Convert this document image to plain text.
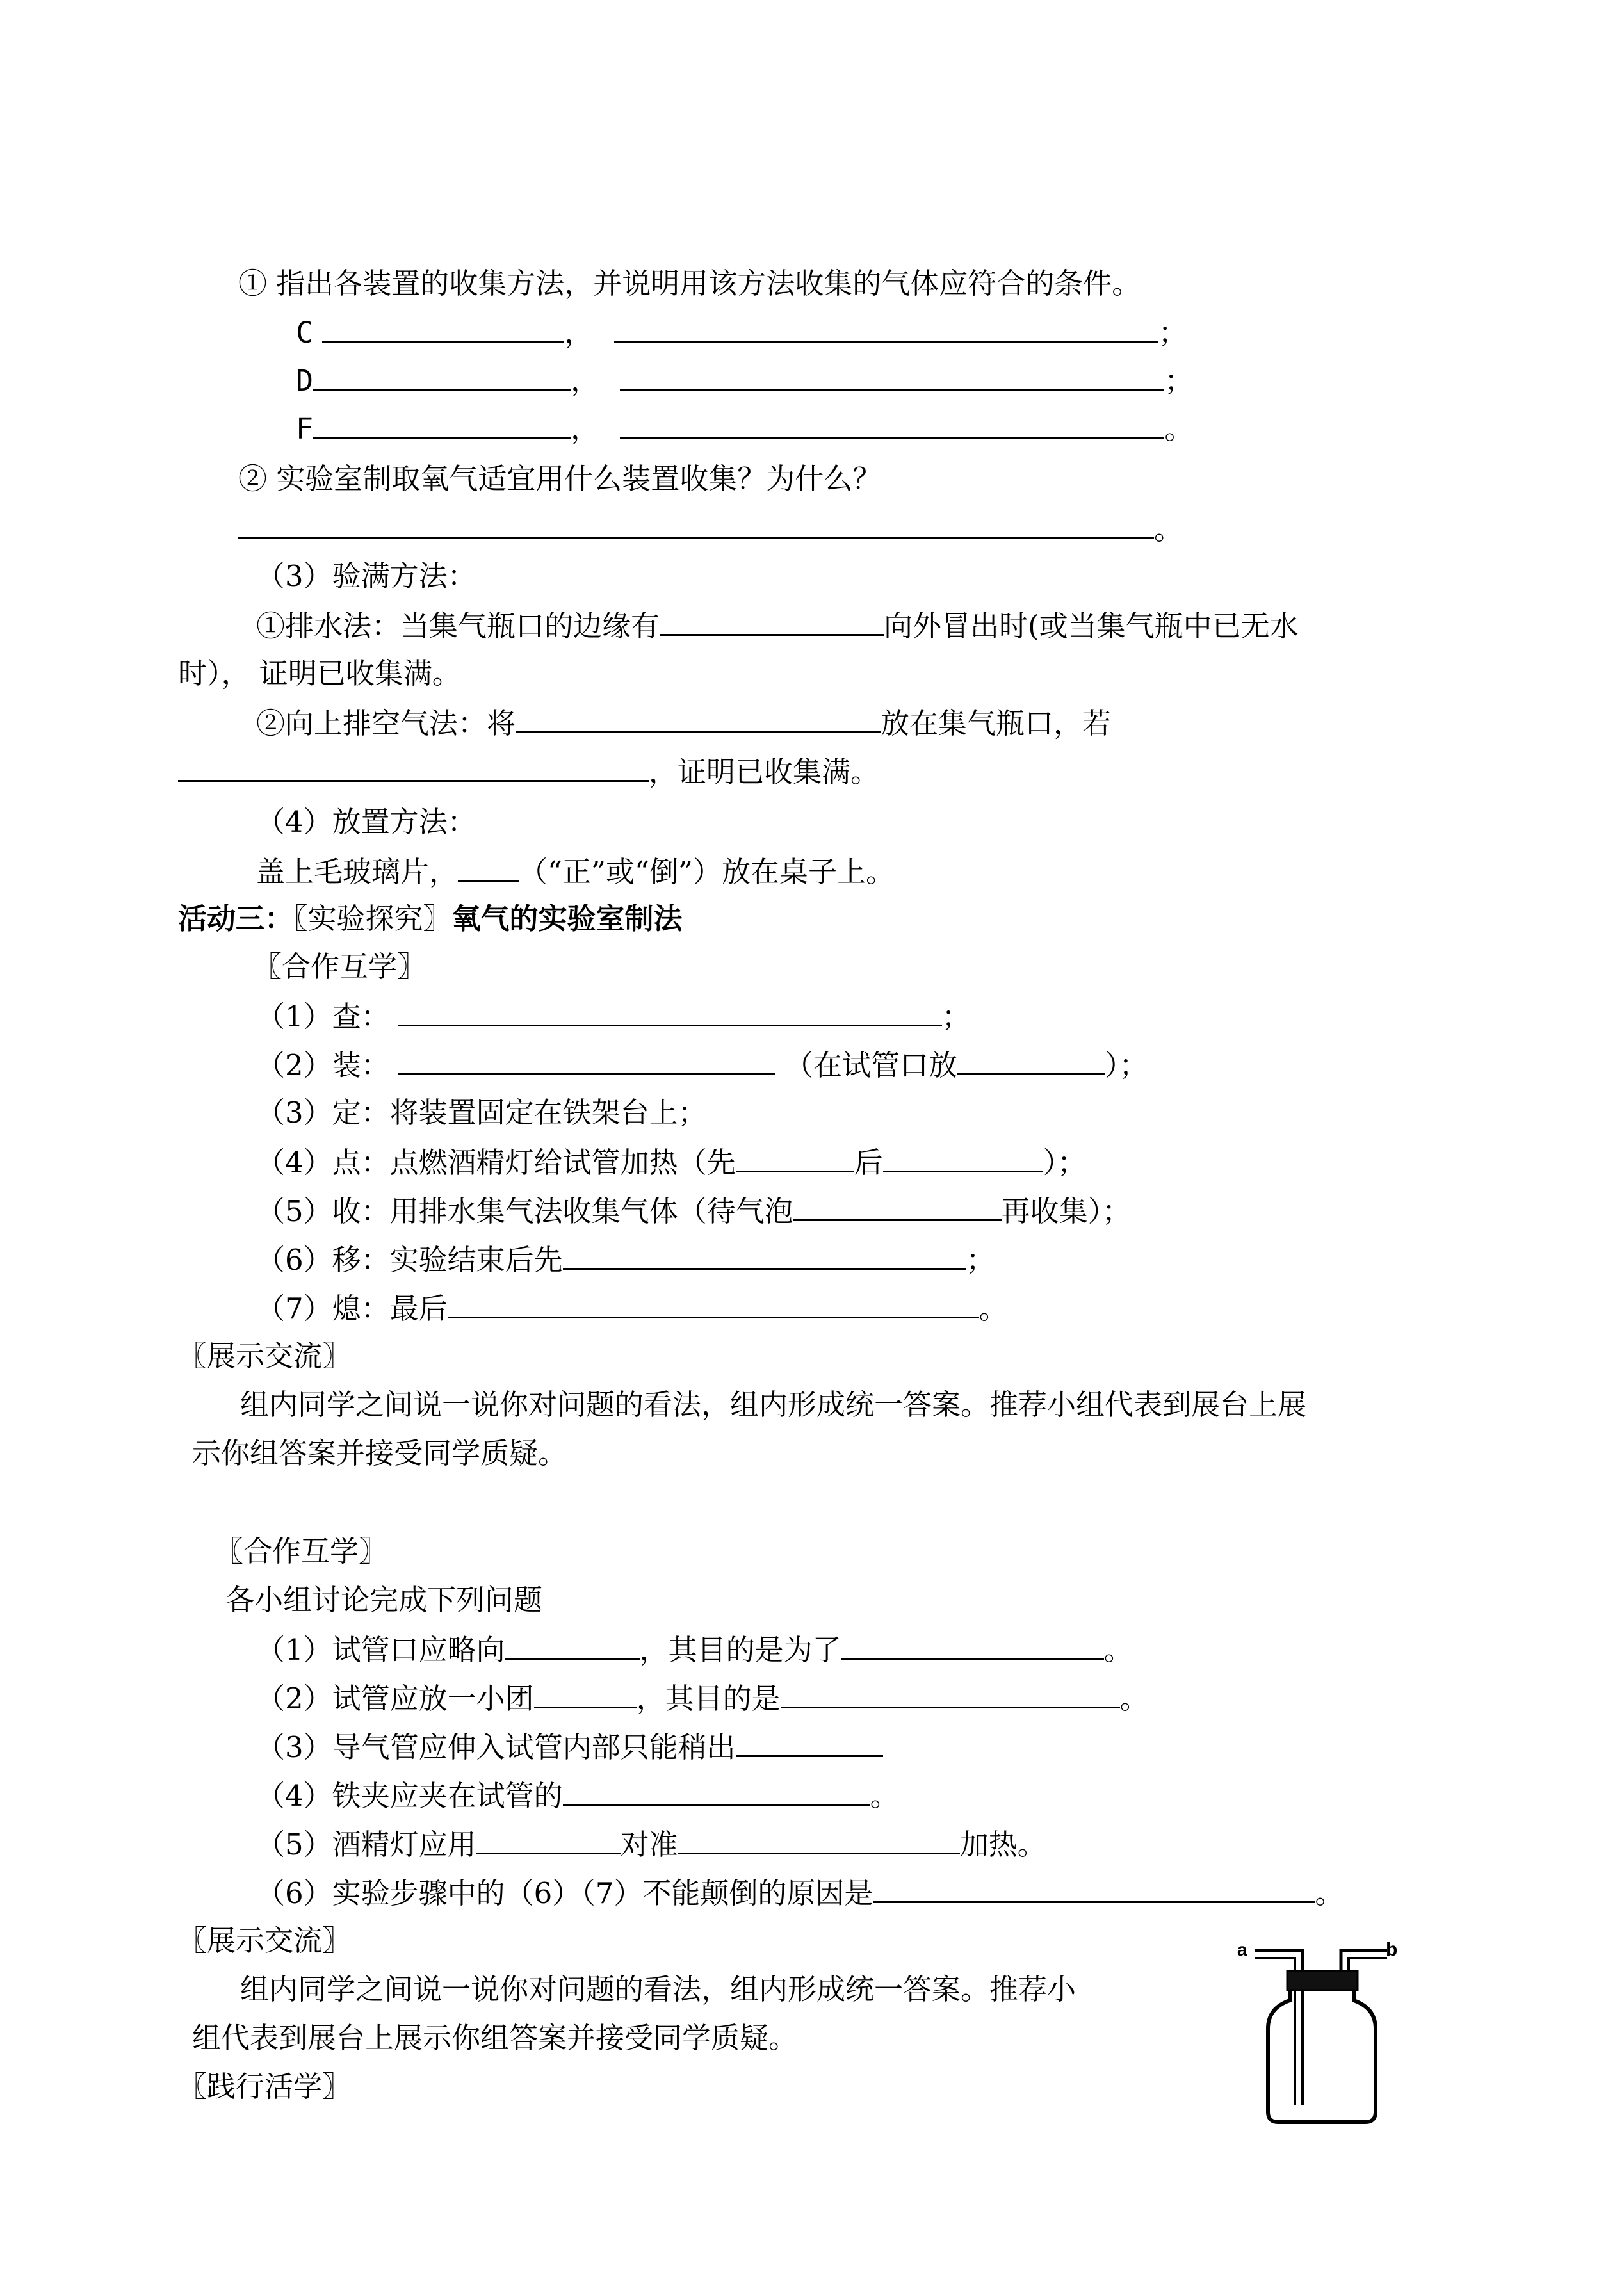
① 指出各装置的收集方法，并说明用该方法收集的气体应符合的条件。
C	，	；
D	，	；
F	，	。
② 实验室制取氧气适宜用什么装置收集？为什么？
。
（3）验满方法：
①排水法：当集气瓶口的边缘有	向外冒出时(或当集气瓶中已无水
时）， 证明已收集满。
②向上排空气法：将	放在集气瓶口，若
，证明已收集满。
（4）放置方法：
盖上毛玻璃片， （“正”或“倒”）放在桌子上。
活动三：〖实验探究〗氧气的实验室制法
〖合作互学〗
（1）查：	；
（2）装：	（在试管口放	）；
（3）定：将装置固定在铁架台上；
（4）点：点燃酒精灯给试管加热（先	后	）；
（5）收：用排水集气法收集气体（待气泡	再收集）；
（6）移：实验结束后先	；
（7）熄：最后	。
〖展示交流〗
组内同学之间说一说你对问题的看法，组内形成统一答案。推荐小组代表到展台上展
示你组答案并接受同学质疑。
〖合作互学〗
各小组讨论完成下列问题
（1）试管口应略向	，其目的是为了	。
（2）试管应放一小团	，其目的是	。
（3）导气管应伸入试管内部只能稍出
（4）铁夹应夹在试管的	。
（5）酒精灯应用	对准	加热。
（6）实验步骤中的（6）（7）不能颠倒的原因是	。
〖展示交流〗
组内同学之间说一说你对问题的看法，组内形成统一答案。推荐小
组代表到展台上展示你组答案并接受同学质疑。
〖践行活学〗
a	b
